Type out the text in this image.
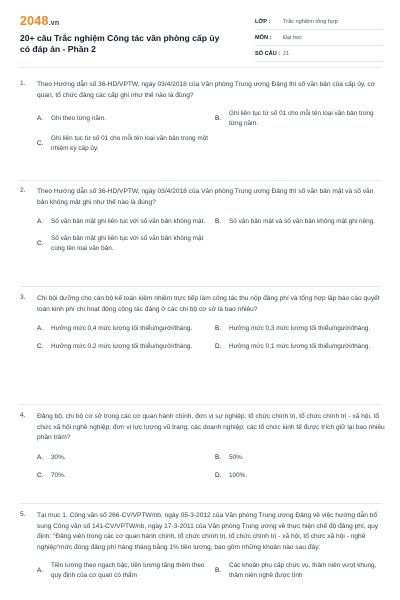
2048.vn
20+ câu Trắc nghiệm Công tác văn phòng cấp ủy có đáp án - Phần 2
LỚP :	Trắc nghiệm tổng hợp
MÔN :	Đại học
SỐ CÂU : 21
1. Theo Hướng dẫn số 36-HD/VPTW, ngày 03/4/2018 của Văn phòng Trung ương Đảng thì số văn bản của cấp ủy, cơ quan, tổ chức đảng các cấp ghi như thế nào là đúng?
A.	Ghi theo từng năm.	B.
Ghi liên tục từ số 01 cho mỗi tên loại văn bản trong từng năm.
C.
Ghi liên tục từ số 01 cho mỗi tên loại văn bản trong một nhiệm kỳ cấp ủy.
2. Theo Hướng dẫn số 36-HD/VPTW, ngày 03/4/2018 của Văn phòng Trung ương Đảng thì số văn bản mật và số văn bản không mật ghi như thế nào là đúng?
A.	Số văn bản mật ghi liên tục với số văn bản không mật.	B.	Số văn bản mật và số văn bản không mật ghi riêng.
C.
Số văn bản mật ghi liên tục với số văn bản không mật cùng tên loại văn bản.
3. Chi bội dưỡng cho cán bộ kế toán kiêm nhiệm trực tiếp làm công tác thu nộp đảng phí và tổng hợp lập báo cáo quyết toán kinh phí chi hoạt động công tác đảng ở các chi bộ cơ sở là bao nhiêu?
A.	Hưởng mức 0,4 mức lương tối thiểu/người/tháng.	B.	Hưởng mức 0,3 mức lương tối thiểu/người/tháng.
C.	Hưởng mức 0,2 mức lương tối thiểu/người/tháng.	D.	Hưởng mức 0,1 mức lương tối thiểu/người/tháng.
4. Đảng bộ, chi bộ cơ sở trong các cơ quan hành chính, đơn vị sự nghiệp; tổ chức chính trị, tổ chức chính trị - xã hội, tổ chức xã hội nghề nghiệp; đơn vị lực lượng vũ trang; các doanh nghiệp; các tổ chức kinh tế được trích giữ lại bao nhiêu phần trăm?
A.	30%.	B.	50%.
C.	70%.	D.	100%.
5. Tại mục 1, Công văn số 266-CV/VPTW/nb, ngày 05-3-2012 của Văn phòng Trung ương Đảng về việc hướng dẫn bổ sung Công văn số 141-CV/VPTW/nb, ngày 17-3-2011 của Văn phòng Trung ương về thực hiện chế độ đảng phí, quy định: “Đảng viên trong các cơ quan hành chính, tổ chức chính trị, tổ chức chính trị - xã hội, tổ chức xã hội - nghề nghiệp“mức đóng đảng phí hàng tháng bằng 1% tiền lương, bao gồm những khoản nào sau đây:
A.
Tiền lương theo ngạch bậc, tiền lương tăng thêm theo quy định của cơ quan có thẩm
B.
Các khoản phụ cấp chức vụ, thâm niên vượt khung, thâm niên nghề được tính
